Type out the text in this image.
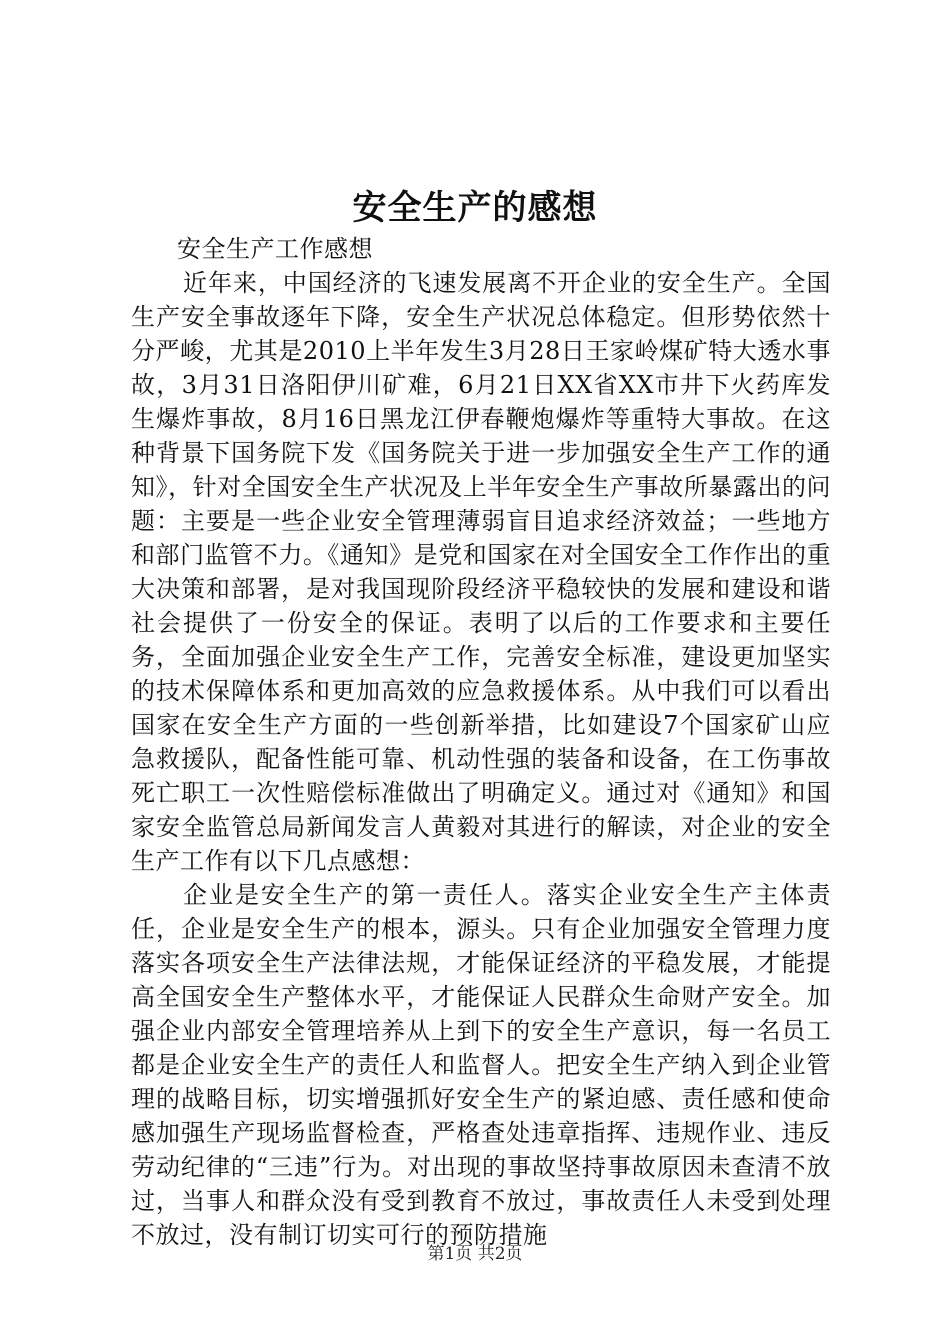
安全生产的感想

安全生产工作感想

近年来，中国经济的飞速发展离不开企业的安全生产。全国生产安全事故逐年下降，安全生产状况总体稳定。但形势依然十分严峻，尤其是2010上半年发生3月28日王家岭煤矿特大透水事故，3月31日洛阳伊川矿难，6月21日XX省XX市井下火药库发生爆炸事故，8月16日黑龙江伊春鞭炮爆炸等重特大事故。在这种背景下国务院下发《国务院关于进一步加强安全生产工作的通知》，针对全国安全生产状况及上半年安全生产事故所暴露出的问题：主要是一些企业安全管理薄弱盲目追求经济效益；一些地方和部门监管不力。《通知》是党和国家在对全国安全工作作出的重大决策和部署，是对我国现阶段经济平稳较快的发展和建设和谐社会提供了一份安全的保证。表明了以后的工作要求和主要任务，全面加强企业安全生产工作，完善安全标准，建设更加坚实的技术保障体系和更加高效的应急救援体系。从中我们可以看出国家在安全生产方面的一些创新举措，比如建设7个国家矿山应急救援队，配备性能可靠、机动性强的装备和设备，在工伤事故死亡职工一次性赔偿标准做出了明确定义。通过对《通知》和国家安全监管总局新闻发言人黄毅对其进行的解读，对企业的安全生产工作有以下几点感想：

企业是安全生产的第一责任人。落实企业安全生产主体责任，企业是安全生产的根本，源头。只有企业加强安全管理力度落实各项安全生产法律法规，才能保证经济的平稳发展，才能提高全国安全生产整体水平，才能保证人民群众生命财产安全。加强企业内部安全管理培养从上到下的安全生产意识，每一名员工都是企业安全生产的责任人和监督人。把安全生产纳入到企业管理的战略目标，切实增强抓好安全生产的紧迫感、责任感和使命感加强生产现场监督检查，严格查处违章指挥、违规作业、违反劳动纪律的“三违”行为。对出现的事故坚持事故原因未查清不放过，当事人和群众没有受到教育不放过，事故责任人未受到处理不放过，没有制订切实可行的预防措施

第1页 共2页
